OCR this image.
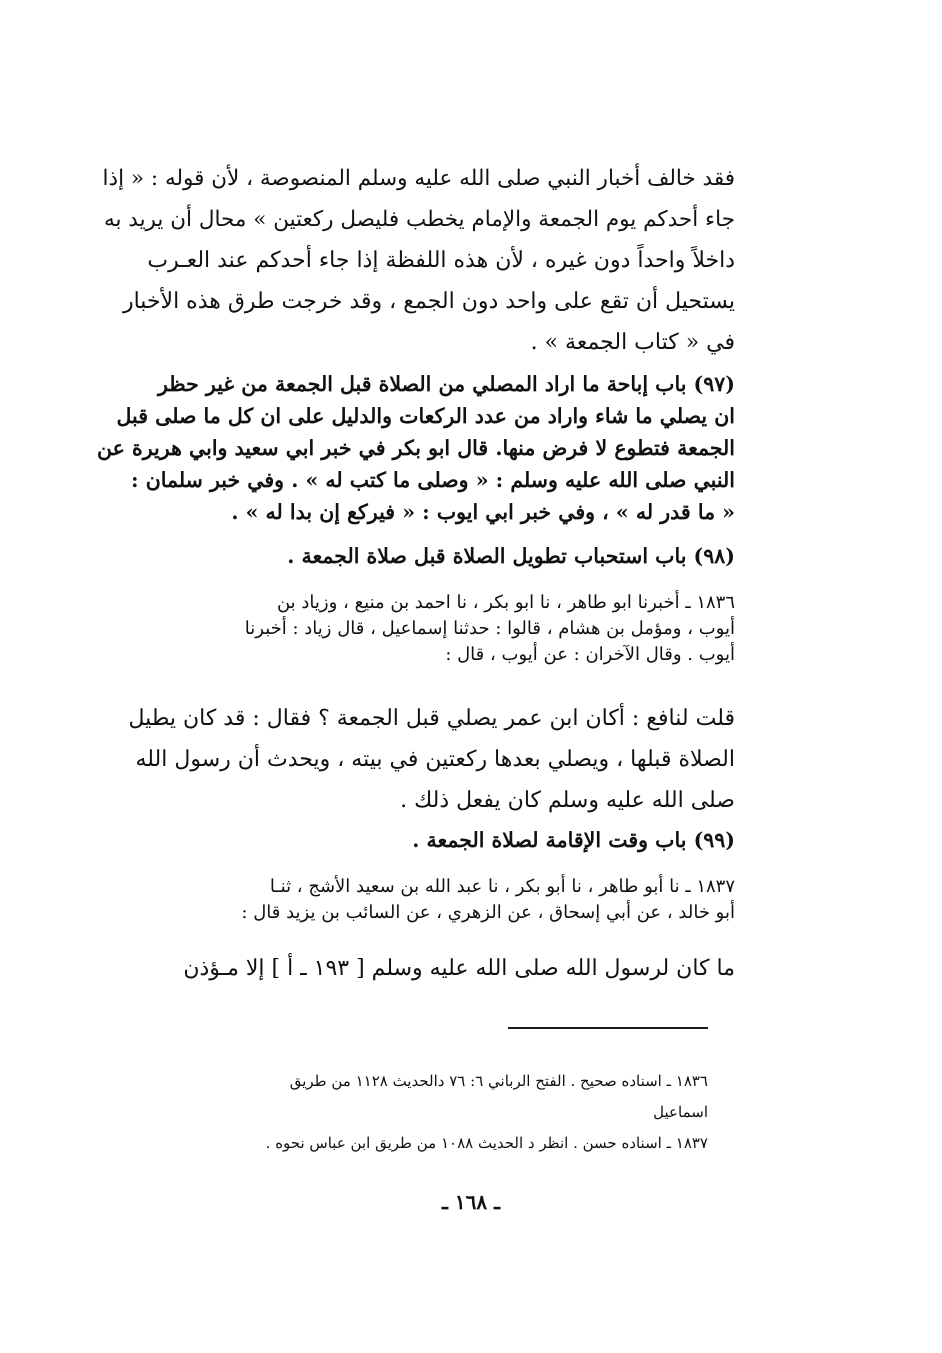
فقد خالف أخبار النبي صلى الله عليه وسلم المنصوصة ، لأن قوله : « إذا
جاء أحدكم يوم الجمعة والإمام يخطب فليصل ركعتين » محال أن يريد به
داخلاً واحداً دون غيره ، لأن هذه اللفظة إذا جاء أحدكم عند العـرب
يستحيل أن تقع على واحد دون الجمع ، وقد خرجت طرق هذه الأخبار
في « كتاب الجمعة » .
(٩٧) باب إباحة ما اراد المصلي من الصلاة قبل الجمعة من غير حظر
ان يصلي ما شاء واراد من عدد الركعات والدليل على ان كل ما صلى قبل
الجمعة فتطوع لا فرض منها. قال ابو بكر في خبر ابي سعيد وابي هريرة عن
النبي صلى الله عليه وسلم : « وصلى ما كتب له » . وفي خبر سلمان :
« ما قدر له » ، وفي خبر ابي ايوب : « فيركع إن بدا له » .
(٩٨) باب استحباب تطويل الصلاة قبل صلاة الجمعة .
١٨٣٦ ـ أخبرنا ابو طاهر ، نا ابو بكر ، نا احمد بن منيع ، وزياد بن
أيوب ، ومؤمل بن هشام ، قالوا : حدثنا إسماعيل ، قال زياد : أخبرنا
أيوب . وقال الآخران : عن أيوب ، قال :
قلت لنافع : أكان ابن عمر يصلي قبل الجمعة ؟ فقال : قد كان يطيل
الصلاة قبلها ، ويصلي بعدها ركعتين في بيته ، ويحدث أن رسول الله
صلى الله عليه وسلم كان يفعل ذلك .
(٩٩) باب وقت الإقامة لصلاة الجمعة .
١٨٣٧ ـ نا أبو طاهر ، نا أبو بكر ، نا عبد الله بن سعيد الأشج ، ثنـا
أبو خالد ، عن أبي إسحاق ، عن الزهري ، عن السائب بن يزيد قال :
ما كان لرسول الله صلى الله عليه وسلم [ ١٩٣ ـ أ ] إلا مـؤذن
١٨٣٦ ـ اسناده صحيح . الفتح الرباني ٦: ٧٦ دالحديث ١١٢٨ من طريق
اسماعيل
١٨٣٧ ـ اسناده حسن . انظر د الحديث ١٠٨٨ من طريق ابن عباس نحوه .
ـ ١٦٨ ـ
